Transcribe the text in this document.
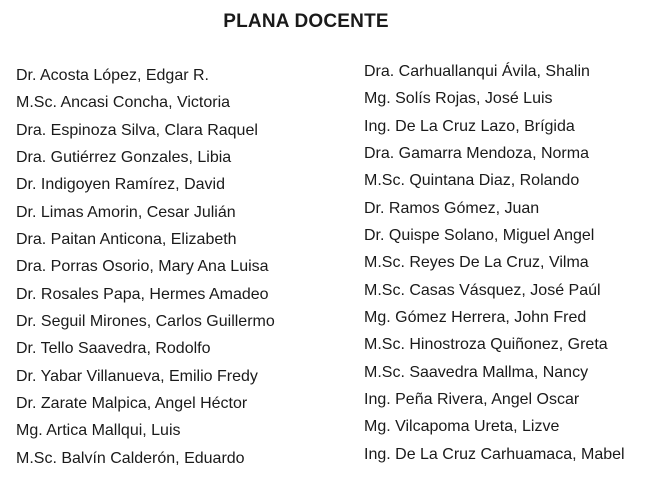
PLANA DOCENTE
Dr. Acosta López, Edgar R.
M.Sc. Ancasi Concha, Victoria
Dra. Espinoza Silva, Clara Raquel
Dra. Gutiérrez Gonzales, Libia
Dr. Indigoyen Ramírez, David
Dr. Limas Amorin, Cesar Julián
Dra. Paitan Anticona, Elizabeth
Dra. Porras Osorio, Mary Ana Luisa
Dr. Rosales Papa, Hermes Amadeo
Dr. Seguil Mirones, Carlos Guillermo
Dr. Tello Saavedra, Rodolfo
Dr. Yabar Villanueva, Emilio Fredy
Dr. Zarate Malpica, Angel Héctor
Mg. Artica Mallqui, Luis
M.Sc. Balvín Calderón, Eduardo
Dra. Carhuallanqui Ávila, Shalin
Mg. Solís Rojas, José Luis
Ing. De La Cruz Lazo, Brígida
Dra. Gamarra Mendoza, Norma
M.Sc. Quintana Diaz, Rolando
Dr. Ramos Gómez, Juan
Dr. Quispe Solano, Miguel Angel
M.Sc. Reyes De La Cruz, Vilma
M.Sc. Casas Vásquez, José Paúl
Mg. Gómez Herrera, John Fred
M.Sc. Hinostroza Quiñonez, Greta
M.Sc. Saavedra Mallma, Nancy
Ing. Peña Rivera, Angel Oscar
Mg. Vilcapoma Ureta, Lizve
Ing. De La Cruz Carhuamaca, Mabel
